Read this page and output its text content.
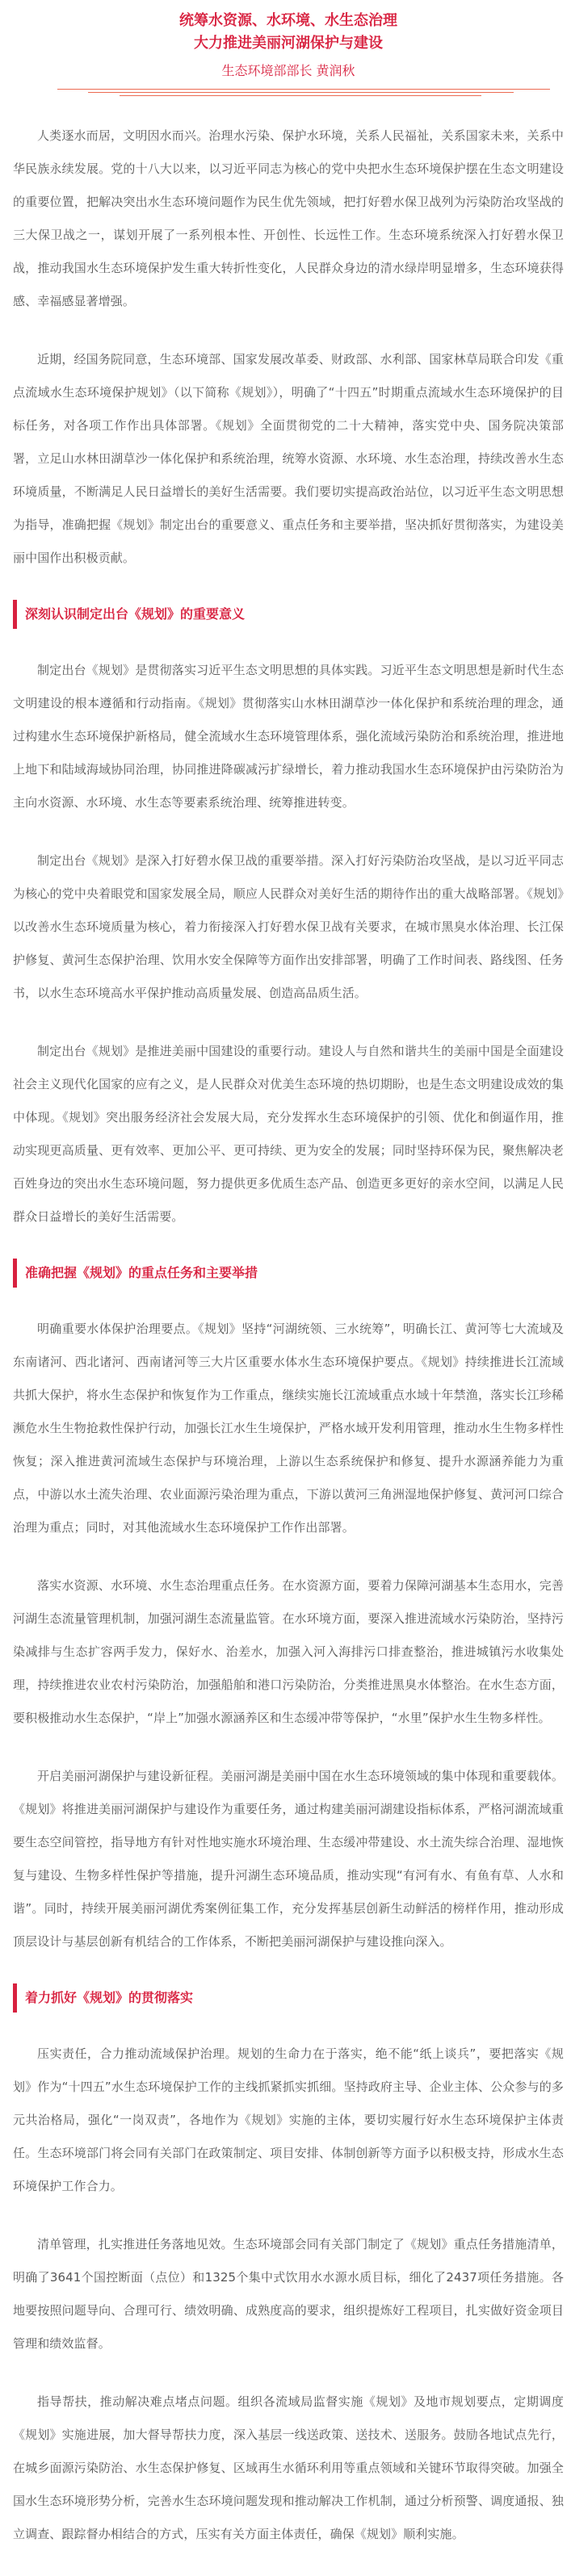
统筹水资源、水环境、水生态治理
大力推进美丽河湖保护与建设
生态环境部部长 黄润秋

人类逐水而居，文明因水而兴。治理水污染、保护水环境，关系人民福祉，关系国家未来，关系中华民族永续发展。党的十八大以来，以习近平同志为核心的党中央把水生态环境保护摆在生态文明建设的重要位置，把解决突出水生态环境问题作为民生优先领域，把打好碧水保卫战列为污染防治攻坚战的三大保卫战之一，谋划开展了一系列根本性、开创性、长远性工作。生态环境系统深入打好碧水保卫战，推动我国水生态环境保护发生重大转折性变化，人民群众身边的清水绿岸明显增多，生态环境获得感、幸福感显著增强。

近期，经国务院同意，生态环境部、国家发展改革委、财政部、水利部、国家林草局联合印发《重点流域水生态环境保护规划》（以下简称《规划》），明确了“十四五”时期重点流域水生态环境保护的目标任务，对各项工作作出具体部署。《规划》全面贯彻党的二十大精神，落实党中央、国务院决策部署，立足山水林田湖草沙一体化保护和系统治理，统筹水资源、水环境、水生态治理，持续改善水生态环境质量，不断满足人民日益增长的美好生活需要。我们要切实提高政治站位，以习近平生态文明思想为指导，准确把握《规划》制定出台的重要意义、重点任务和主要举措，坚决抓好贯彻落实，为建设美丽中国作出积极贡献。

深刻认识制定出台《规划》的重要意义

制定出台《规划》是贯彻落实习近平生态文明思想的具体实践。习近平生态文明思想是新时代生态文明建设的根本遵循和行动指南。《规划》贯彻落实山水林田湖草沙一体化保护和系统治理的理念，通过构建水生态环境保护新格局，健全流域水生态环境管理体系，强化流域污染防治和系统治理，推进地上地下和陆域海域协同治理，协同推进降碳减污扩绿增长，着力推动我国水生态环境保护由污染防治为主向水资源、水环境、水生态等要素系统治理、统筹推进转变。

制定出台《规划》是深入打好碧水保卫战的重要举措。深入打好污染防治攻坚战，是以习近平同志为核心的党中央着眼党和国家发展全局，顺应人民群众对美好生活的期待作出的重大战略部署。《规划》以改善水生态环境质量为核心，着力衔接深入打好碧水保卫战有关要求，在城市黑臭水体治理、长江保护修复、黄河生态保护治理、饮用水安全保障等方面作出安排部署，明确了工作时间表、路线图、任务书，以水生态环境高水平保护推动高质量发展、创造高品质生活。

制定出台《规划》是推进美丽中国建设的重要行动。建设人与自然和谐共生的美丽中国是全面建设社会主义现代化国家的应有之义，是人民群众对优美生态环境的热切期盼，也是生态文明建设成效的集中体现。《规划》突出服务经济社会发展大局，充分发挥水生态环境保护的引领、优化和倒逼作用，推动实现更高质量、更有效率、更加公平、更可持续、更为安全的发展；同时坚持环保为民，聚焦解决老百姓身边的突出水生态环境问题，努力提供更多优质生态产品、创造更多更好的亲水空间，以满足人民群众日益增长的美好生活需要。

准确把握《规划》的重点任务和主要举措

明确重要水体保护治理要点。《规划》坚持“河湖统领、三水统筹”，明确长江、黄河等七大流域及东南诸河、西北诸河、西南诸河等三大片区重要水体水生态环境保护要点。《规划》持续推进长江流域共抓大保护，将水生态保护和恢复作为工作重点，继续实施长江流域重点水域十年禁渔，落实长江珍稀濒危水生生物抢救性保护行动，加强长江水生生境保护，严格水域开发利用管理，推动水生生物多样性恢复；深入推进黄河流域生态保护与环境治理，上游以生态系统保护和修复、提升水源涵养能力为重点，中游以水土流失治理、农业面源污染治理为重点，下游以黄河三角洲湿地保护修复、黄河河口综合治理为重点；同时，对其他流域水生态环境保护工作作出部署。

落实水资源、水环境、水生态治理重点任务。在水资源方面，要着力保障河湖基本生态用水，完善河湖生态流量管理机制，加强河湖生态流量监管。在水环境方面，要深入推进流域水污染防治，坚持污染减排与生态扩容两手发力，保好水、治差水，加强入河入海排污口排查整治，推进城镇污水收集处理，持续推进农业农村污染防治，加强船舶和港口污染防治，分类推进黑臭水体整治。在水生态方面，要积极推动水生态保护，“岸上”加强水源涵养区和生态缓冲带等保护，“水里”保护水生生物多样性。

开启美丽河湖保护与建设新征程。美丽河湖是美丽中国在水生态环境领域的集中体现和重要载体。《规划》将推进美丽河湖保护与建设作为重要任务，通过构建美丽河湖建设指标体系，严格河湖流域重要生态空间管控，指导地方有针对性地实施水环境治理、生态缓冲带建设、水土流失综合治理、湿地恢复与建设、生物多样性保护等措施，提升河湖生态环境品质，推动实现“有河有水、有鱼有草、人水和谐”。同时，持续开展美丽河湖优秀案例征集工作，充分发挥基层创新生动鲜活的榜样作用，推动形成顶层设计与基层创新有机结合的工作体系，不断把美丽河湖保护与建设推向深入。

着力抓好《规划》的贯彻落实

压实责任，合力推动流域保护治理。规划的生命力在于落实，绝不能“纸上谈兵”，要把落实《规划》作为“十四五”水生态环境保护工作的主线抓紧抓实抓细。坚持政府主导、企业主体、公众参与的多元共治格局，强化“一岗双责”，各地作为《规划》实施的主体，要切实履行好水生态环境保护主体责任。生态环境部门将会同有关部门在政策制定、项目安排、体制创新等方面予以积极支持，形成水生态环境保护工作合力。

清单管理，扎实推进任务落地见效。生态环境部会同有关部门制定了《规划》重点任务措施清单，明确了3641个国控断面（点位）和1325个集中式饮用水水源水质目标，细化了2437项任务措施。各地要按照问题导向、合理可行、绩效明确、成熟度高的要求，组织提炼好工程项目，扎实做好资金项目管理和绩效监督。

指导帮扶，推动解决难点堵点问题。组织各流域局监督实施《规划》及地市规划要点，定期调度《规划》实施进展，加大督导帮扶力度，深入基层一线送政策、送技术、送服务。鼓励各地试点先行，在城乡面源污染防治、水生态保护修复、区域再生水循环利用等重点领域和关键环节取得突破。加强全国水生态环境形势分析，完善水生态环境问题发现和推动解决工作机制，通过分析预警、调度通报、独立调查、跟踪督办相结合的方式，压实有关方面主体责任，确保《规划》顺利实施。
